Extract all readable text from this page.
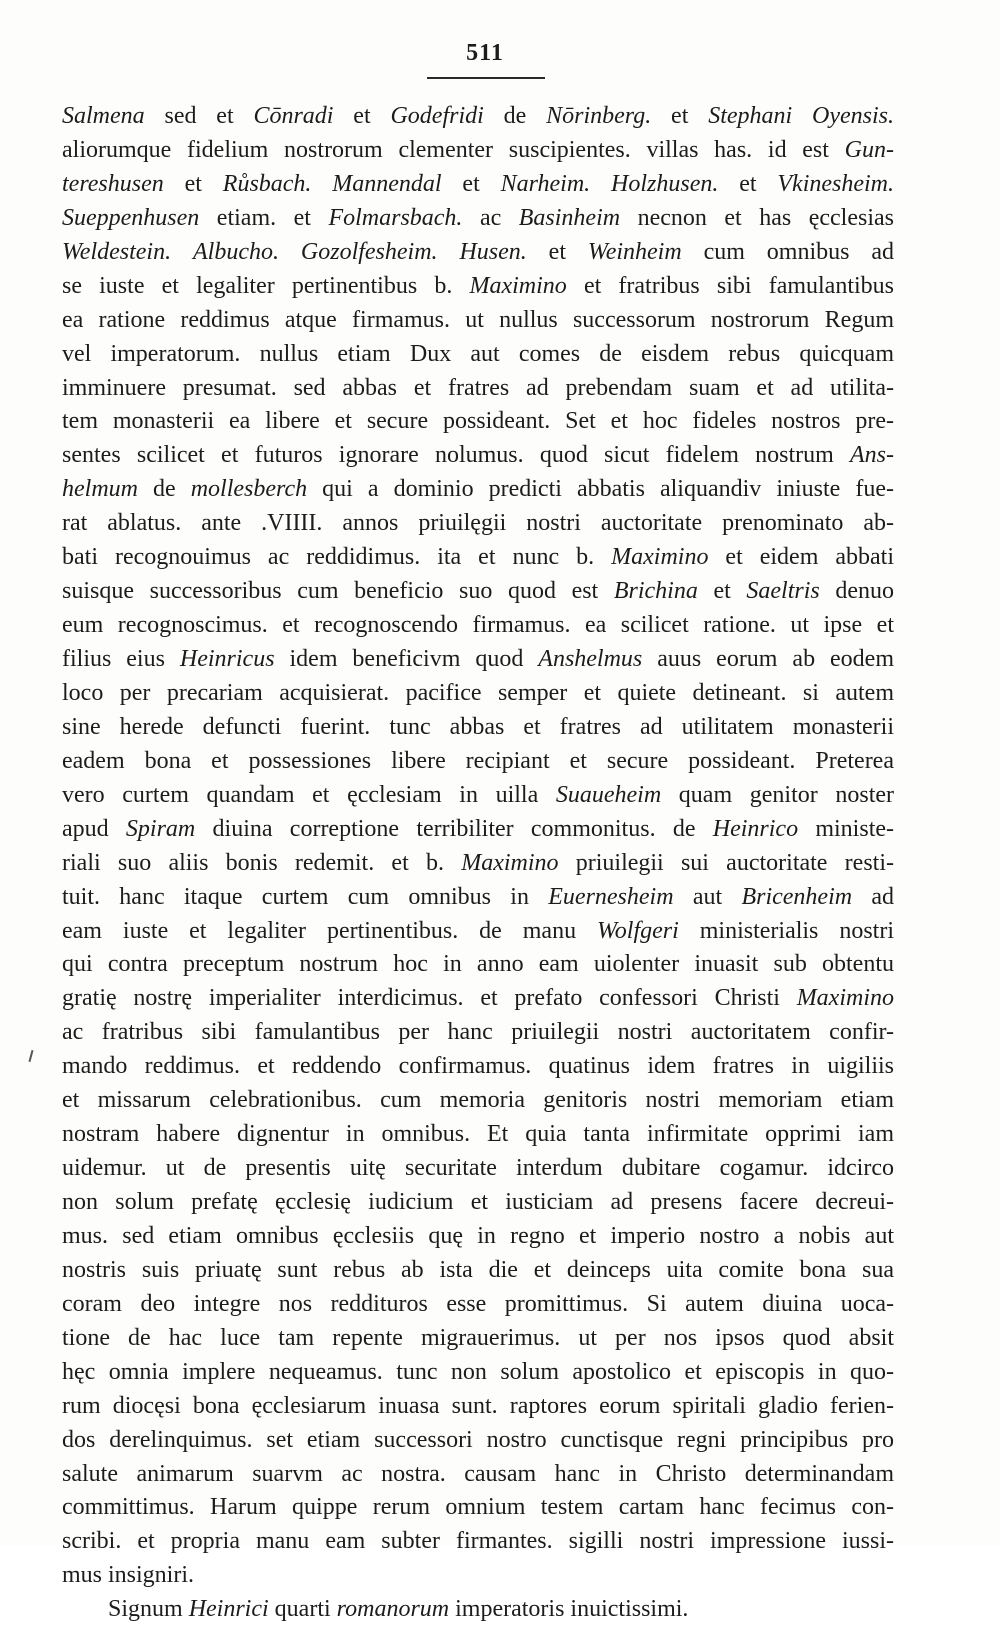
511
Salmena sed et Cōnradi et Godefridi de Nōrinberg. et Stephani Oyensis.
aliorumque fidelium nostrorum clementer suscipientes. villas has. id est Gun-
tereshusen et Růsbach. Mannendal et Narheim. Holzhusen. et Vkinesheim.
Sueppenhusen etiam. et Folmarsbach. ac Basinheim necnon et has ęcclesias
Weldestein. Albucho. Gozolfesheim. Husen. et Weinheim cum omnibus ad
se iuste et legaliter pertinentibus b. Maximino et fratribus sibi famulantibus
ea ratione reddimus atque firmamus. ut nullus successorum nostrorum Regum
vel imperatorum. nullus etiam Dux aut comes de eisdem rebus quicquam
imminuere presumat. sed abbas et fratres ad prebendam suam et ad utilita-
tem monasterii ea libere et secure possideant. Set et hoc fideles nostros pre-
sentes scilicet et futuros ignorare nolumus. quod sicut fidelem nostrum Ans-
helmum de mollesberch qui a dominio predicti abbatis aliquandiv iniuste fue-
rat ablatus. ante .VIIII. annos priuilęgii nostri auctoritate prenominato ab-
bati recognouimus ac reddidimus. ita et nunc b. Maximino et eidem abbati
suisque successoribus cum beneficio suo quod est Brichina et Saeltris denuo
eum recognoscimus. et recognoscendo firmamus. ea scilicet ratione. ut ipse et
filius eius Heinricus idem beneficivm quod Anshelmus auus eorum ab eodem
loco per precariam acquisierat. pacifice semper et quiete detineant. si autem
sine herede defuncti fuerint. tunc abbas et fratres ad utilitatem monasterii
eadem bona et possessiones libere recipiant et secure possideant. Preterea
vero curtem quandam et ęcclesiam in uilla Suaueheim quam genitor noster
apud Spiram diuina correptione terribiliter commonitus. de Heinrico ministe-
riali suo aliis bonis redemit. et b. Maximino priuilegii sui auctoritate resti-
tuit. hanc itaque curtem cum omnibus in Euernesheim aut Bricenheim ad
eam iuste et legaliter pertinentibus. de manu Wolfgeri ministerialis nostri
qui contra preceptum nostrum hoc in anno eam uiolenter inuasit sub obtentu
gratię nostrę imperialiter interdicimus. et prefato confessori Christi Maximino
ac fratribus sibi famulantibus per hanc priuilegii nostri auctoritatem confir-
mando reddimus. et reddendo confirmamus. quatinus idem fratres in uigiliis
et missarum celebrationibus. cum memoria genitoris nostri memoriam etiam
nostram habere dignentur in omnibus. Et quia tanta infirmitate opprimi iam
uidemur. ut de presentis uitę securitate interdum dubitare cogamur. idcirco
non solum prefatę ęcclesię iudicium et iusticiam ad presens facere decreui-
mus. sed etiam omnibus ęcclesiis quę in regno et imperio nostro a nobis aut
nostris suis priuatę sunt rebus ab ista die et deinceps uita comite bona sua
coram deo integre nos reddituros esse promittimus. Si autem diuina uoca-
tione de hac luce tam repente migrauerimus. ut per nos ipsos quod absit
hęc omnia implere nequeamus. tunc non solum apostolico et episcopis in quo-
rum diocęsi bona ęcclesiarum inuasa sunt. raptores eorum spiritali gladio ferien-
dos derelinquimus. set etiam successori nostro cunctisque regni principibus pro
salute animarum suarvm ac nostra. causam hanc in Christo determinandam
committimus. Harum quippe rerum omnium testem cartam hanc fecimus con-
scribi. et propria manu eam subter firmantes. sigilli nostri impressione iussi-
mus insigniri.
Signum Heinrici quarti romanorum imperatoris inuictissimi.
